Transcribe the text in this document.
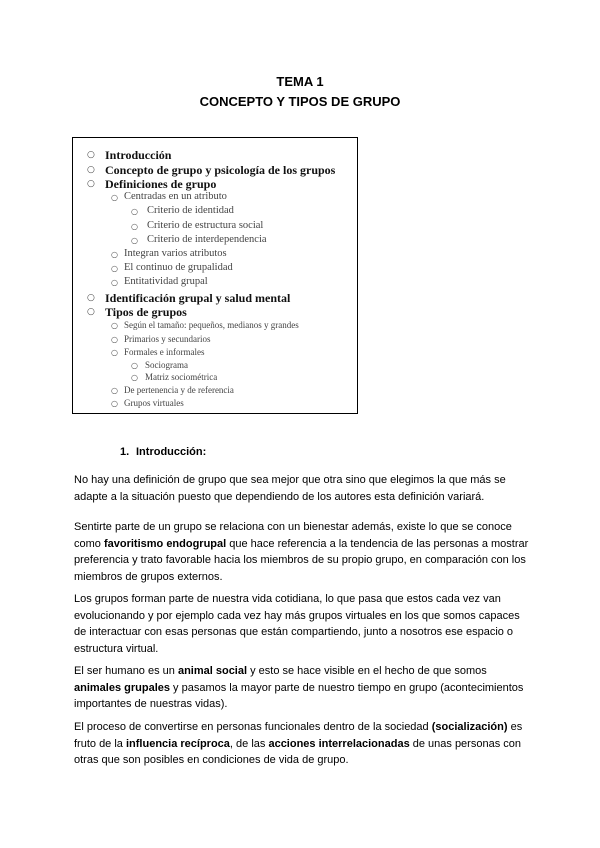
TEMA 1
CONCEPTO Y TIPOS DE GRUPO
○ Introducción
○ Concepto de grupo y psicología de los grupos
○ Definiciones de grupo
○ Centradas en un atributo
○ Criterio de identidad
○ Criterio de estructura social
○ Criterio de interdependencia
○ Integran varios atributos
○ El continuo de grupalidad
○ Entitatividad grupal
○ Identificación grupal y salud mental
○ Tipos de grupos
○ Según el tamaño: pequeños, medianos y grandes
○ Primarios y secundarios
○ Formales e informales
○ Sociograma
○ Matriz sociométrica
○ De pertenencia y de referencia
○ Grupos virtuales
1. Introducción:

No hay una definición de grupo que sea mejor que otra sino que elegimos la que más se adapte a la situación puesto que dependiendo de los autores esta definición variará.

Sentirte parte de un grupo se relaciona con un bienestar además, existe lo que se conoce como favoritismo endogrupal que hace referencia a la tendencia de las personas a mostrar preferencia y trato favorable hacia los miembros de su propio grupo, en comparación con los miembros de grupos externos.

Los grupos forman parte de nuestra vida cotidiana, lo que pasa que estos cada vez van evolucionando y por ejemplo cada vez hay más grupos virtuales en los que somos capaces de interactuar con esas personas que están compartiendo, junto a nosotros ese espacio o estructura virtual.

El ser humano es un animal social y esto se hace visible en el hecho de que somos animales grupales y pasamos la mayor parte de nuestro tiempo en grupo (acontecimientos importantes de nuestras vidas).

El proceso de convertirse en personas funcionales dentro de la sociedad (socialización) es fruto de la influencia recíproca, de las acciones interrelacionadas de unas personas con otras que son posibles en condiciones de vida de grupo.
